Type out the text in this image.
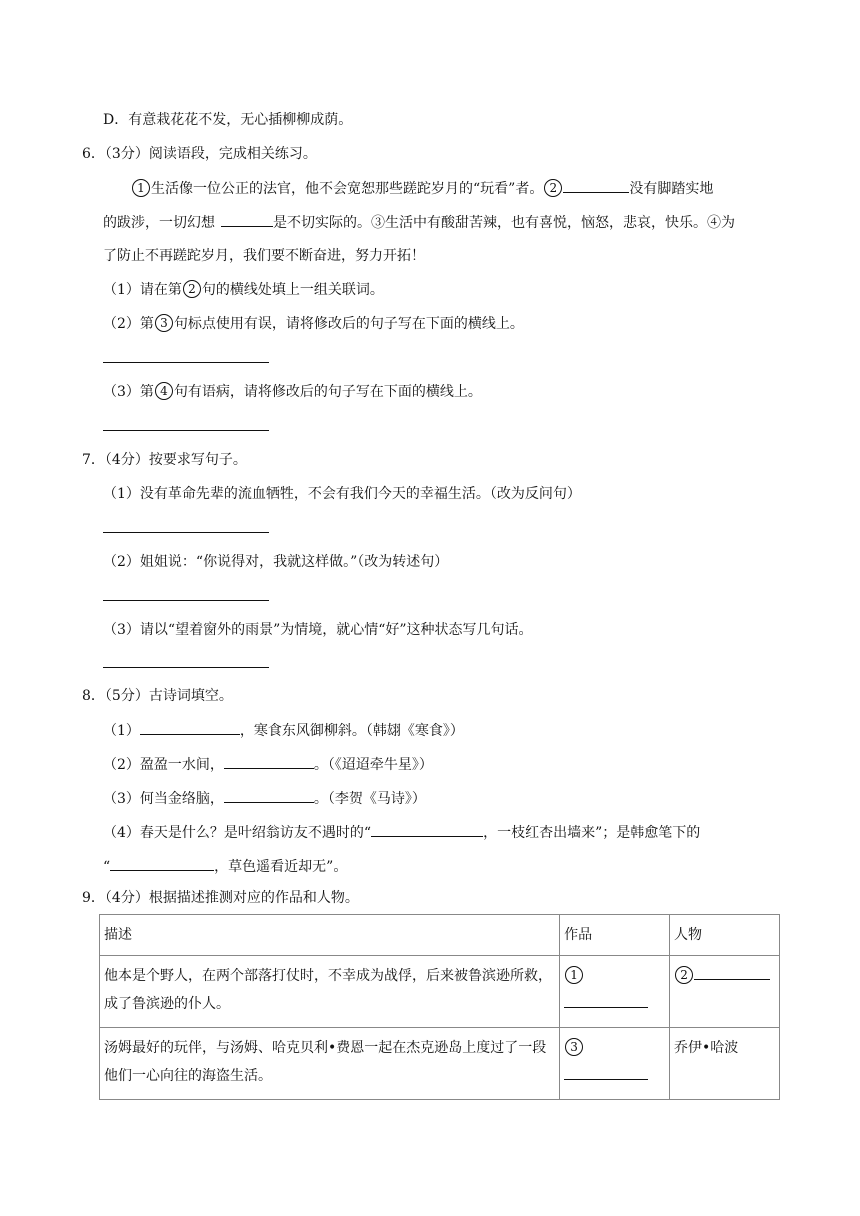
D．有意栽花花不发，无心插柳柳成荫。
6．（3分）阅读语段，完成相关练习。
1 生活像一位公正的法官，他不会宽恕那些蹉跎岁月的“玩看”者。 2	没有脚踏实地
的跋涉，一切幻想	是不切实际的。③生活中有酸甜苦辣，也有喜悦，恼怒，悲哀，快乐。④为
了防止不再蹉跎岁月，我们要不断奋进，努力开拓！
（1）请在第 2 句的横线处填上一组关联词。
（2）第 3 句标点使用有误，请将修改后的句子写在下面的横线上。
（3）第 4 句有语病，请将修改后的句子写在下面的横线上。
7．（4分）按要求写句子。
（1）没有革命先辈的流血牺牲，不会有我们今天的幸福生活。（改为反问句）
（2）姐姐说：“你说得对，我就这样做。”（改为转述句）
（3）请以“望着窗外的雨景”为情境，就心情“好”这种状态写几句话。
8．（5分）古诗词填空。
（1）	，寒食东风御柳斜。（韩翃《寒食》）
（2）盈盈一水间，	。（《迢迢牵牛星》）
（3）何当金络脑，	。（李贺《马诗》）
（4）春天是什么？是叶绍翁访友不遇时的“	，一枝红杏出墙来”；是韩愈笔下的
“	，草色遥看近却无”。
9．（4分）根据描述推测对应的作品和人物。
描述	作品	人物
他本是个野人，在两个部落打仗时，不幸成为战俘，后来被鲁滨逊所救，成了鲁滨逊的仆人。	1	2
汤姆最好的玩伴，与汤姆、哈克贝利•费恩一起在杰克逊岛上度过了一段他们一心向往的海盗生活。	3	乔伊•哈波
